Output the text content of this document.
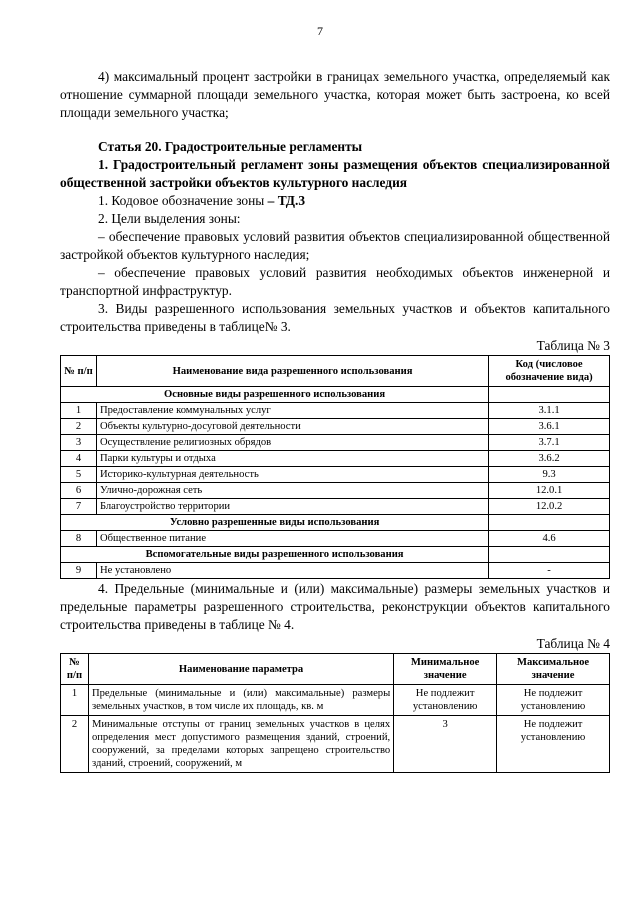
7

4) максимальный процент застройки в границах земельного участка, определяемый как отношение суммарной площади земельного участка, которая может быть застроена, ко всей площади земельного участка;

Статья 20. Градостроительные регламенты

1. Градостроительный регламент зоны размещения объектов специализированной общественной застройки объектов культурного наследия

1. Кодовое обозначение зоны – ТД.3

2. Цели выделения зоны:

– обеспечение правовых условий развития объектов специализированной общественной застройкой объектов культурного наследия;

– обеспечение правовых условий развития необходимых объектов инженерной и транспортной инфраструктур.

3. Виды разрешенного использования земельных участков и объектов капитального строительства приведены в таблице№ 3.

Таблица № 3
№ п/п	Наименование вида разрешенного использования	Код (числовое обозначение вида)
Основные виды разрешенного использования		
1	Предоставление коммунальных услуг	3.1.1
2	Объекты культурно-досуговой деятельности	3.6.1
3	Осуществление религиозных обрядов	3.7.1
4	Парки культуры и отдыха	3.6.2
5	Историко-культурная деятельность	9.3
6	Улично-дорожная сеть	12.0.1
7	Благоустройство территории	12.0.2
Условно разрешенные виды использования		
8	Общественное питание	4.6
Вспомогательные виды разрешенного использования		
9	Не установлено	-

4. Предельные (минимальные и (или) максимальные) размеры земельных участков и предельные параметры разрешенного строительства, реконструкции объектов капитального строительства приведены в таблице № 4.

Таблица № 4
№ п/п	Наименование параметра	Минимальное значение	Максимальное значение
1	Предельные (минимальные и (или) максимальные) размеры земельных участков, в том числе их площадь, кв. м	Не подлежит установлению	Не подлежит установлению
2	Минимальные отступы от границ земельных участков в целях определения мест допустимого размещения зданий, строений, сооружений, за пределами которых запрещено строительство зданий, строений, сооружений, м	3	Не подлежит установлению
